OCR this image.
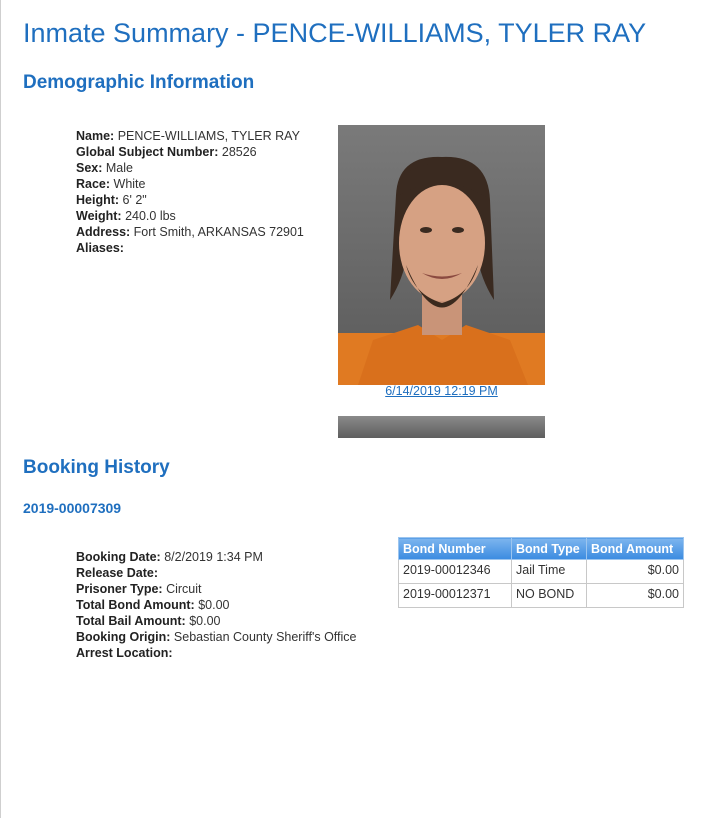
Inmate Summary - PENCE-WILLIAMS, TYLER RAY
Demographic Information
Name: PENCE-WILLIAMS, TYLER RAY
Global Subject Number: 28526
Sex: Male
Race: White
Height: 6' 2"
Weight: 240.0 lbs
Address: Fort Smith, ARKANSAS 72901
Aliases:
6/14/2019 12:19 PM
Booking History
2019-00007309
Booking Date: 8/2/2019 1:34 PM
Release Date:
Prisoner Type: Circuit
Total Bond Amount: $0.00
Total Bail Amount: $0.00
Booking Origin: Sebastian County Sheriff's Office
Arrest Location:
Bond Number	Bond Type	Bond Amount
2019-00012346	Jail Time	$0.00
2019-00012371	NO BOND	$0.00
